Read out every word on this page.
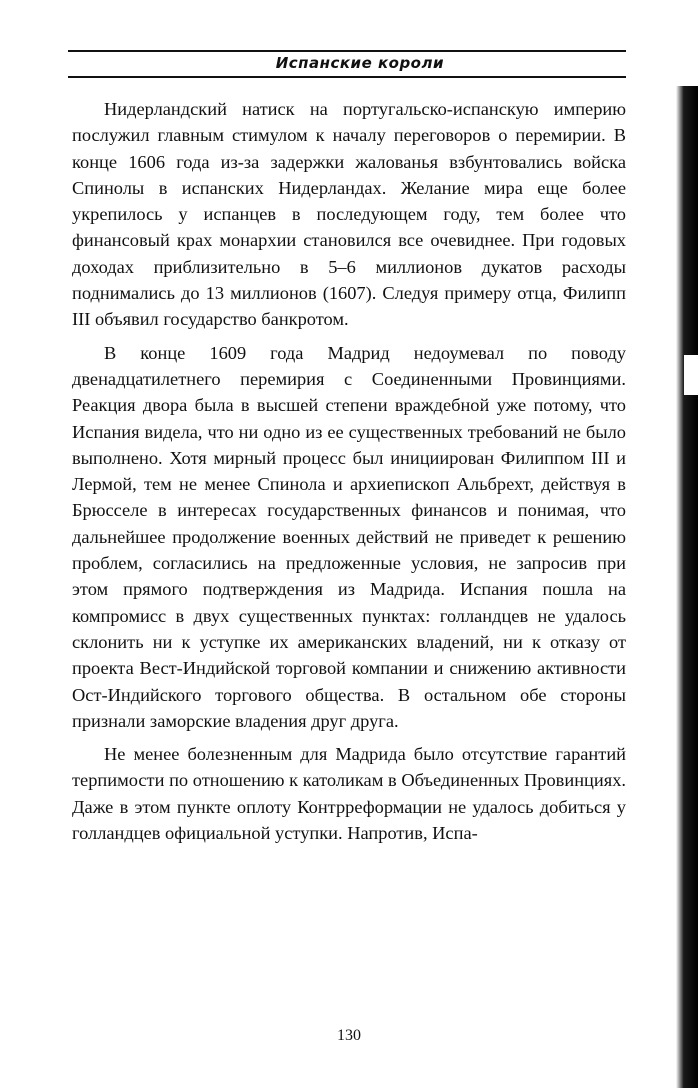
Испанские короли

Нидерландский натиск на португальско-испанскую империю послужил главным стимулом к началу переговоров о перемирии. В конце 1606 года из-за задержки жалованья взбунтовались войска Спинолы в испанских Нидерландах. Желание мира еще более укрепилось у испанцев в последующем году, тем более что финансовый крах монархии становился все очевиднее. При годовых доходах приблизительно в 5–6 миллионов дукатов расходы поднимались до 13 миллионов (1607). Следуя примеру отца, Филипп III объявил государство банкротом.

В конце 1609 года Мадрид недоумевал по поводу двенадцатилетнего перемирия с Соединенными Провинциями. Реакция двора была в высшей степени враждебной уже потому, что Испания видела, что ни одно из ее существенных требований не было выполнено. Хотя мирный процесс был инициирован Филиппом III и Лермой, тем не менее Спинола и архиепископ Альбрехт, действуя в Брюсселе в интересах государственных финансов и понимая, что дальнейшее продолжение военных действий не приведет к решению проблем, согласились на предложенные условия, не запросив при этом прямого подтверждения из Мадрида. Испания пошла на компромисс в двух существенных пунктах: голландцев не удалось склонить ни к уступке их американских владений, ни к отказу от проекта Вест-Индийской торговой компании и снижению активности Ост-Индийского торгового общества. В остальном обе стороны признали заморские владения друг друга.

Не менее болезненным для Мадрида было отсутствие гарантий терпимости по отношению к католикам в Объединенных Провинциях. Даже в этом пункте оплоту Контрреформации не удалось добиться у голландцев официальной уступки. Напротив, Испа-

130
